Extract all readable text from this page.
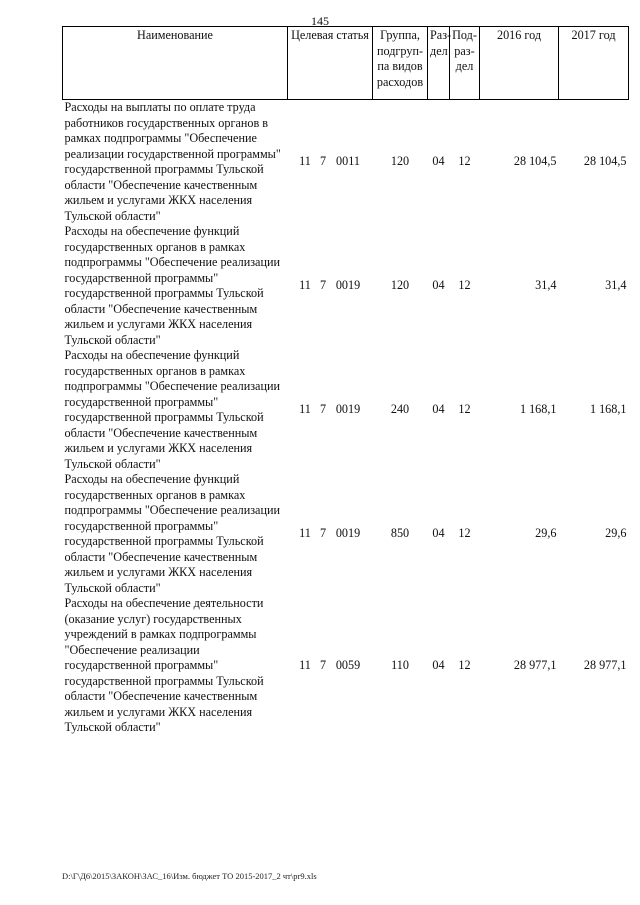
145
Наименование	Целевая статья	Группа, подгруп-па видов расходов	Раз-дел	Под-раз-дел	2016 год	2017 год
Расходы на выплаты по оплате труда работников государственных органов в рамках подпрограммы "Обеспечение реализации государственной программы" государственной программы Тульской области "Обеспечение качественным жильем и услугами ЖКХ населения Тульской области"	11 7 0011	120	04	12	28 104,5	28 104,5
Расходы на обеспечение функций государственных органов в рамках подпрограммы "Обеспечение реализации государственной программы" государственной программы Тульской области "Обеспечение качественным жильем и услугами ЖКХ населения Тульской области"	11 7 0019	120	04	12	31,4	31,4
Расходы на обеспечение функций государственных органов в рамках подпрограммы "Обеспечение реализации государственной программы" государственной программы Тульской области "Обеспечение качественным жильем и услугами ЖКХ населения Тульской области"	11 7 0019	240	04	12	1 168,1	1 168,1
Расходы на обеспечение функций государственных органов в рамках подпрограммы "Обеспечение реализации государственной программы" государственной программы Тульской области "Обеспечение качественным жильем и услугами ЖКХ населения Тульской области"	11 7 0019	850	04	12	29,6	29,6
Расходы на обеспечение деятельности (оказание услуг) государственных учреждений в рамках подпрограммы "Обеспечение реализации государственной программы" государственной программы Тульской области "Обеспечение качественным жильем и услугами ЖКХ населения Тульской области"	11 7 0059	110	04	12	28 977,1	28 977,1
D:\Г\Д6\2015\ЗАКОН\ЗАС_16\Изм. бюджет ТО 2015-2017_2 чт\pr9.xls
